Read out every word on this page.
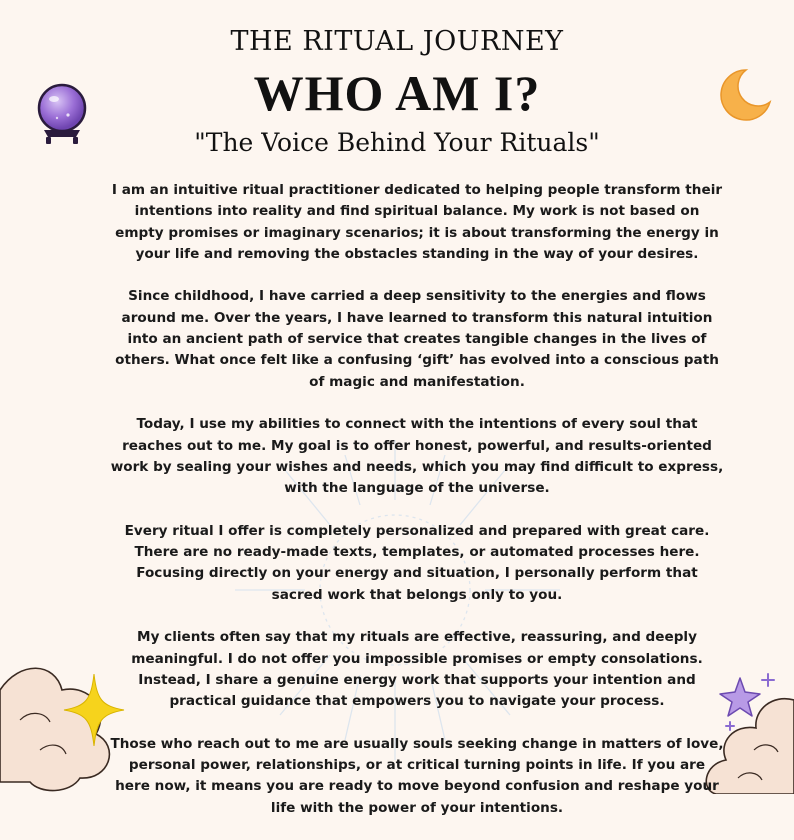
THE RITUAL JOURNEY
WHO AM I?
"The Voice Behind Your Rituals"

I am an intuitive ritual practitioner dedicated to helping people transform their intentions into reality and find spiritual balance. My work is not based on empty promises or imaginary scenarios; it is about transforming the energy in your life and removing the obstacles standing in the way of your desires.

Since childhood, I have carried a deep sensitivity to the energies and flows around me. Over the years, I have learned to transform this natural intuition into an ancient path of service that creates tangible changes in the lives of others. What once felt like a confusing ‘gift’ has evolved into a conscious path of magic and manifestation.

Today, I use my abilities to connect with the intentions of every soul that reaches out to me. My goal is to offer honest, powerful, and results-oriented work by sealing your wishes and needs, which you may find difficult to express, with the language of the universe.

Every ritual I offer is completely personalized and prepared with great care. There are no ready-made texts, templates, or automated processes here. Focusing directly on your energy and situation, I personally perform that sacred work that belongs only to you.

My clients often say that my rituals are effective, reassuring, and deeply meaningful. I do not offer you impossible promises or empty consolations. Instead, I share a genuine energy work that supports your intention and practical guidance that empowers you to navigate your process.

Those who reach out to me are usually souls seeking change in matters of love, personal power, relationships, or at critical turning points in life. If you are here now, it means you are ready to move beyond confusion and reshape your life with the power of your intentions.
